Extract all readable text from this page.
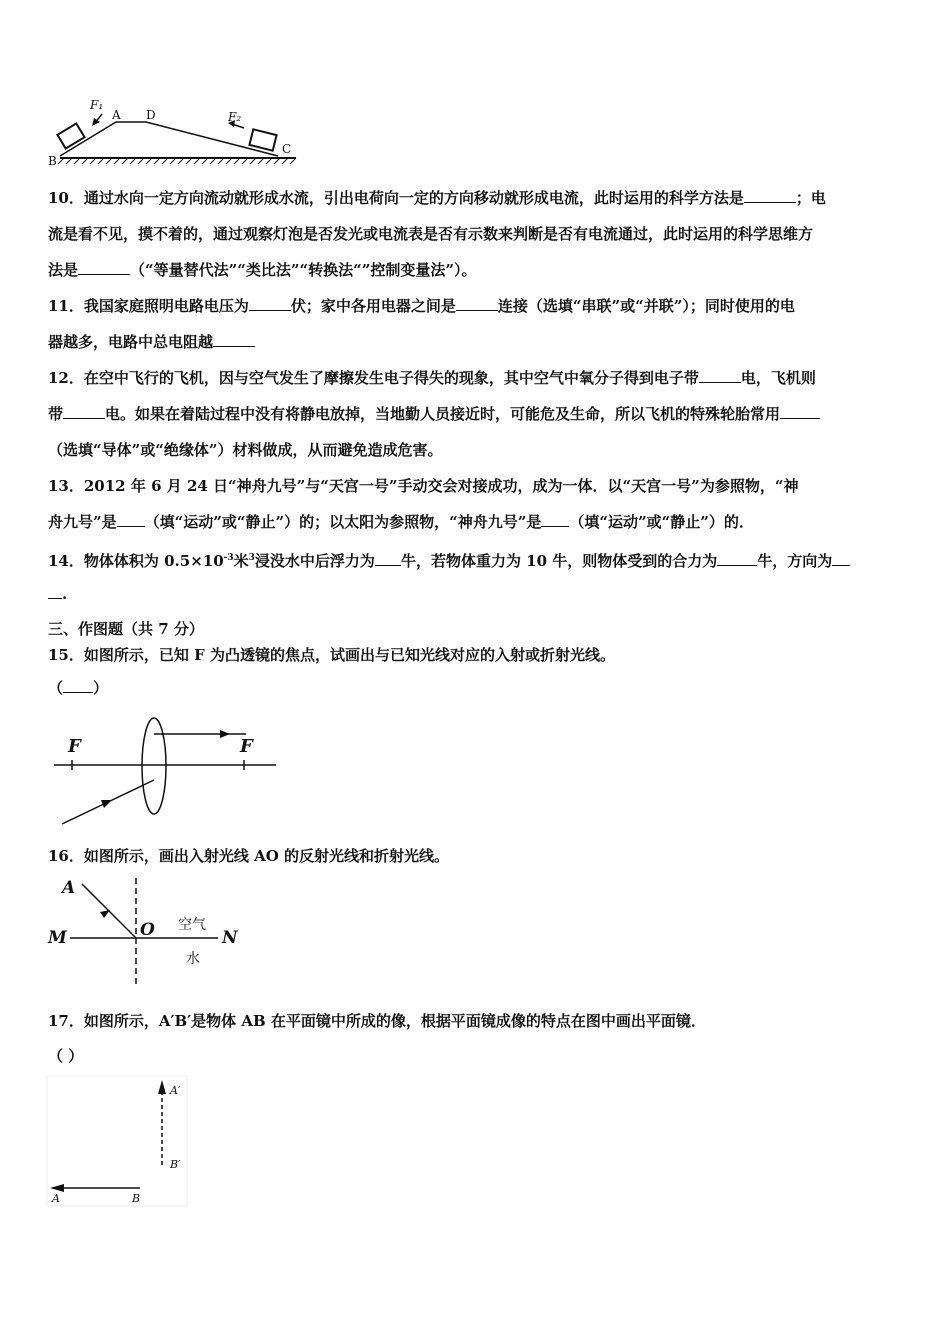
F₁
A D	F₂
B
C
10．通过水向一定方向流动就形成水流，引出电荷向一定的方向移动就形成电流，此时运用的科学方法是	；电
流是看不见，摸不着的，通过观察灯泡是否发光或电流表是否有示数来判断是否有电流通过，此时运用的科学思维方
法是	（“等量替代法”“类比法”“转换法“”控制变量法”）。
11．我国家庭照明电路电压为	伏；家中各用电器之间是	连接（选填“串联”或“并联”）；同时使用的电
器越多，电路中总电阻越
12．在空中飞行的飞机，因与空气发生了摩擦发生电子得失的现象，其中空气中氧分子得到电子带	电，飞机则
带	电。如果在着陆过程中没有将静电放掉，当地勤人员接近时，可能危及生命，所以飞机的特殊轮胎常用
（选填“导体”或“绝缘体”）材料做成，从而避免造成危害。
13．2012 年 6 月 24 日“神舟九号”与“天宫一号”手动交会对接成功，成为一体．以“天宫一号”为参照物，“神
舟九号”是 （填“运动”或“静止”）的；以太阳为参照物，“神舟九号”是 （填“运动”或“静止”）的．
14．物体体积为 $0.5\times 10^{-3}$米$^3$浸没水中后浮力为 牛，若物体重力为 10 牛，则物体受到的合力为	牛，方向为
.
三、作图题（共 7 分）
15．如图所示，已知 F 为凸透镜的焦点，试画出与已知光线对应的入射或折射光线。
（ ）
F	F
16．如图所示，画出入射光线 AO 的反射光线和折射光线。
A
O
M	N
空气
水
17．如图所示，A′B′是物体 AB 在平面镜中所成的像，根据平面镜成像的特点在图中画出平面镜．
（ ）
A′
B′
A	B
